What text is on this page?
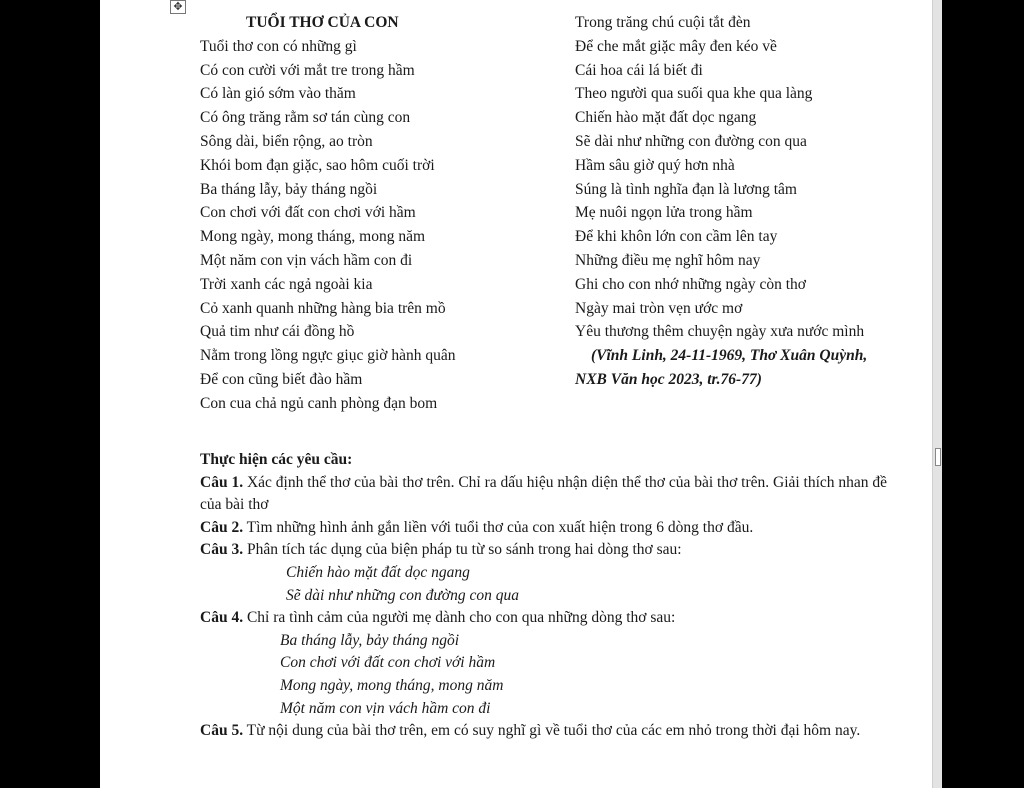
✥
TUỔI THƠ CỦA CON
Tuổi thơ con có những gì
Có con cười với mắt tre trong hầm
Có làn gió sớm vào thăm
Có ông trăng rằm sơ tán cùng con
Sông dài, biển rộng, ao tròn
Khói bom đạn giặc, sao hôm cuối trời
Ba tháng lẫy, bảy tháng ngồi
Con chơi với đất con chơi với hầm
Mong ngày, mong tháng, mong năm
Một năm con vịn vách hầm con đi
Trời xanh các ngả ngoài kia
Cỏ xanh quanh những hàng bia trên mồ
Quả tim như cái đồng hồ
Nằm trong lồng ngực giục giờ hành quân
Để con cũng biết đào hầm
Con cua chả ngủ canh phòng đạn bom
Trong trăng chú cuội tắt đèn
Để che mắt giặc mây đen kéo về
Cái hoa cái lá biết đi
Theo người qua suối qua khe qua làng
Chiến hào mặt đất dọc ngang
Sẽ dài như những con đường con qua
Hầm sâu giờ quý hơn nhà
Súng là tình nghĩa đạn là lương tâm
Mẹ nuôi ngọn lửa trong hầm
Để khi khôn lớn con cầm lên tay
Những điều mẹ nghĩ hôm nay
Ghi cho con nhớ những ngày còn thơ
Ngày mai tròn vẹn ước mơ
Yêu thương thêm chuyện ngày xưa nước mình
(Vĩnh Linh, 24-11-1969, Thơ Xuân Quỳnh,
NXB Văn học 2023, tr.76-77)
Thực hiện các yêu cầu:
Câu 1. Xác định thể thơ của bài thơ trên. Chỉ ra dấu hiệu nhận diện thể thơ của bài thơ trên. Giải thích nhan đề của bài thơ
Câu 2. Tìm những hình ảnh gắn liền với tuổi thơ của con xuất hiện trong 6 dòng thơ đầu.
Câu 3. Phân tích tác dụng của biện pháp tu từ so sánh trong hai dòng thơ sau:
Chiến hào mặt đất dọc ngang
Sẽ dài như những con đường con qua
Câu 4. Chỉ ra tình cảm của người mẹ dành cho con qua những dòng thơ sau:
Ba tháng lẫy, bảy tháng ngồi
Con chơi với đất con chơi với hầm
Mong ngày, mong tháng, mong năm
Một năm con vịn vách hầm con đi
Câu 5. Từ nội dung của bài thơ trên, em có suy nghĩ gì về tuổi thơ của các em nhỏ trong thời đại hôm nay.
